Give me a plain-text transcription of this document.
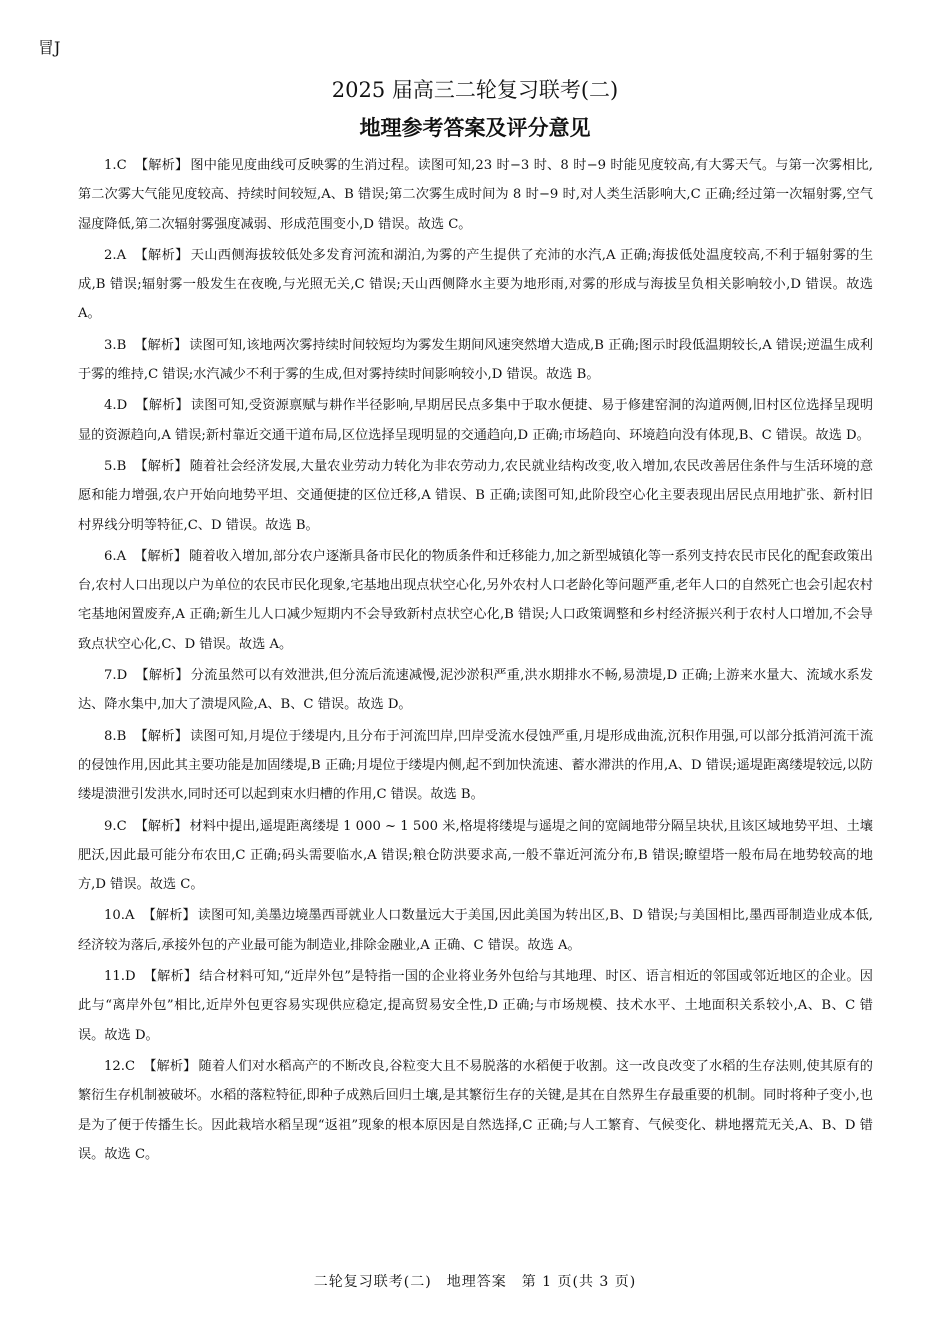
冒J
2025 届高三二轮复习联考(二)
地理参考答案及评分意见

1.C 【解析】 图中能见度曲线可反映雾的生消过程。读图可知,23 时−3 时、8 时−9 时能见度较高,有大雾天气。与第一次雾相比,第二次雾大气能见度较高、持续时间较短,A、B 错误;第二次雾生成时间为 8 时−9 时,对人类生活影响大,C 正确;经过第一次辐射雾,空气湿度降低,第二次辐射雾强度减弱、形成范围变小,D 错误。故选 C。

2.A 【解析】 天山西侧海拔较低处多发育河流和湖泊,为雾的产生提供了充沛的水汽,A 正确;海拔低处温度较高,不利于辐射雾的生成,B 错误;辐射雾一般发生在夜晚,与光照无关,C 错误;天山西侧降水主要为地形雨,对雾的形成与海拔呈负相关影响较小,D 错误。故选 A。

3.B 【解析】 读图可知,该地两次雾持续时间较短均为雾发生期间风速突然增大造成,B 正确;图示时段低温期较长,A 错误;逆温生成利于雾的维持,C 错误;水汽减少不利于雾的生成,但对雾持续时间影响较小,D 错误。故选 B。

4.D 【解析】 读图可知,受资源禀赋与耕作半径影响,早期居民点多集中于取水便捷、易于修建窑洞的沟道两侧,旧村区位选择呈现明显的资源趋向,A 错误;新村靠近交通干道布局,区位选择呈现明显的交通趋向,D 正确;市场趋向、环境趋向没有体现,B、C 错误。故选 D。

5.B 【解析】 随着社会经济发展,大量农业劳动力转化为非农劳动力,农民就业结构改变,收入增加,农民改善居住条件与生活环境的意愿和能力增强,农户开始向地势平坦、交通便捷的区位迁移,A 错误、B 正确;读图可知,此阶段空心化主要表现出居民点用地扩张、新村旧村界线分明等特征,C、D 错误。故选 B。

6.A 【解析】 随着收入增加,部分农户逐渐具备市民化的物质条件和迁移能力,加之新型城镇化等一系列支持农民市民化的配套政策出台,农村人口出现以户为单位的农民市民化现象,宅基地出现点状空心化,另外农村人口老龄化等问题严重,老年人口的自然死亡也会引起农村宅基地闲置废弃,A 正确;新生儿人口减少短期内不会导致新村点状空心化,B 错误;人口政策调整和乡村经济振兴利于农村人口增加,不会导致点状空心化,C、D 错误。故选 A。

7.D 【解析】 分流虽然可以有效泄洪,但分流后流速减慢,泥沙淤积严重,洪水期排水不畅,易溃堤,D 正确;上游来水量大、流域水系发达、降水集中,加大了溃堤风险,A、B、C 错误。故选 D。

8.B 【解析】 读图可知,月堤位于缕堤内,且分布于河流凹岸,凹岸受流水侵蚀严重,月堤形成曲流,沉积作用强,可以部分抵消河流干流的侵蚀作用,因此其主要功能是加固缕堤,B 正确;月堤位于缕堤内侧,起不到加快流速、蓄水滞洪的作用,A、D 错误;遥堤距离缕堤较远,以防缕堤溃泄引发洪水,同时还可以起到束水归槽的作用,C 错误。故选 B。

9.C 【解析】 材料中提出,遥堤距离缕堤 1 000 ~ 1 500 米,格堤将缕堤与遥堤之间的宽阔地带分隔呈块状,且该区域地势平坦、土壤肥沃,因此最可能分布农田,C 正确;码头需要临水,A 错误;粮仓防洪要求高,一般不靠近河流分布,B 错误;瞭望塔一般布局在地势较高的地方,D 错误。故选 C。

10.A 【解析】 读图可知,美墨边境墨西哥就业人口数量远大于美国,因此美国为转出区,B、D 错误;与美国相比,墨西哥制造业成本低,经济较为落后,承接外包的产业最可能为制造业,排除金融业,A 正确、C 错误。故选 A。

11.D 【解析】 结合材料可知,“近岸外包”是特指一国的企业将业务外包给与其地理、时区、语言相近的邻国或邻近地区的企业。因此与“离岸外包”相比,近岸外包更容易实现供应稳定,提高贸易安全性,D 正确;与市场规模、技术水平、土地面积关系较小,A、B、C 错误。故选 D。

12.C 【解析】 随着人们对水稻高产的不断改良,谷粒变大且不易脱落的水稻便于收割。这一改良改变了水稻的生存法则,使其原有的繁衍生存机制被破坏。水稻的落粒特征,即种子成熟后回归土壤,是其繁衍生存的关键,是其在自然界生存最重要的机制。同时将种子变小,也是为了便于传播生长。因此栽培水稻呈现“返祖”现象的根本原因是自然选择,C 正确;与人工繁育、气候变化、耕地撂荒无关,A、B、D 错误。故选 C。

二轮复习联考(二)　地理答案　第 1 页(共 3 页)
